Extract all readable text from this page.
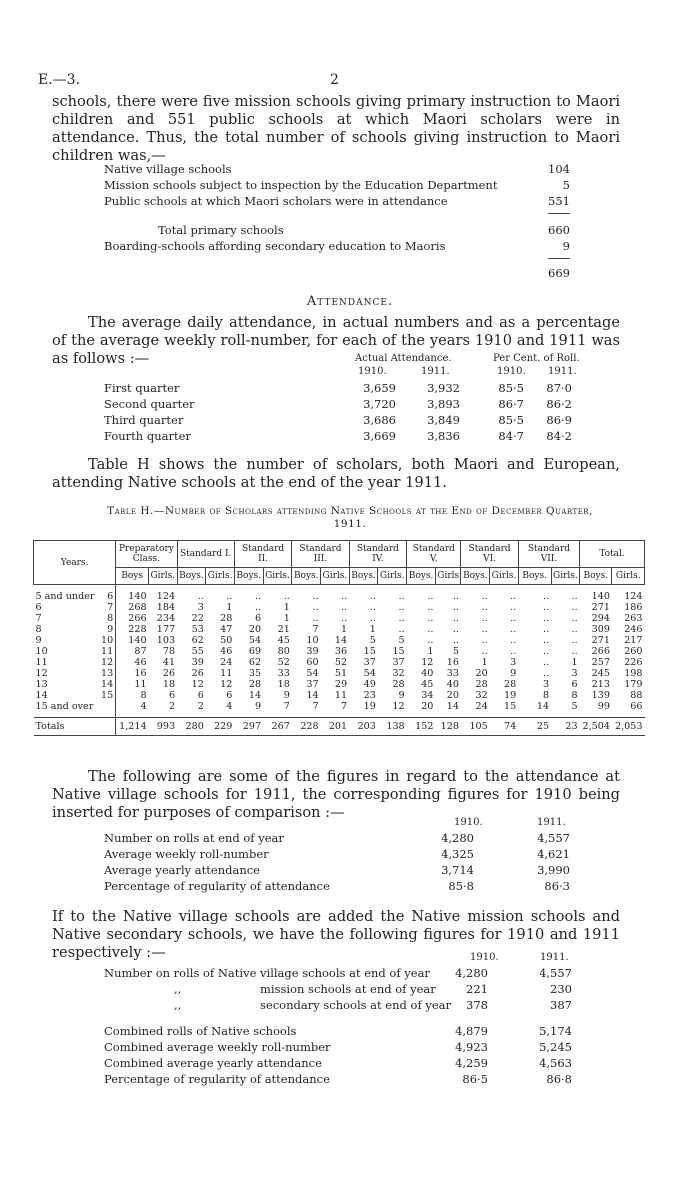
E.—3.	2
schools, there were five mission schools giving primary instruction to Maori children and 551 public schools at which Maori scholars were in attendance. Thus, the total number of schools giving instruction to Maori children was,—
Native village schools	104
Mission schools subject to inspection by the Education Department	5
Public schools at which Maori scholars were in attendance	551
Total primary schools	660
Boarding-schools affording secondary education to Maoris	9
669
Attendance.
The average daily attendance, in actual numbers and as a percentage of the average weekly roll-number, for each of the years 1910 and 1911 was as follows :—	Actual Attendance.	Per Cent. of Roll.
1910.	1911.	1910. 1911.
First quarter	3,659	3,932	85·5	87·0
Second quarter	3,720	3,893	86·7	86·2
Third quarter	3,686	3,849	85·5	86·9
Fourth quarter	3,669	3,836	84·7	84·2
Table H shows the number of scholars, both Maori and European, attending Native schools at the end of the year 1911.
Table H.—Number of Scholars attending Native Schools at the End of December Quarter, 1911.
Years.		Preparatory Class.		Standard I.		Standard II.		Standard III.		Standard IV.		Standard V.		Standard VI.		Standard VII.		Total.	
		Boys	Girls.	Boys.	Girls.	Boys.	Girls.	Boys.	Girls.	Boys.	Girls.	Boys.	Girls	Boys.	Girls.	Boys.	Girls.	Boys.	Girls.
5 and under	6	140	124	..	..	..	..	..	..	..	..	..	..	..	..	..	..	140	124
6	7	268	184	3	1	..	1	..	..	..	..	..	..	..	..	..	..	271	186
7	8	266	234	22	28	6	1	..	..	..	..	..	..	..	..	..	..	294	263
8	9	228	177	53	47	20	21	7	1	1	..	..	..	..	..	..	..	309	246
9	10	140	103	62	50	54	45	10	14	5	5	..	..	..	..	..	..	271	217
10	11	87	78	55	46	69	80	39	36	15	15	1	5	..	..	..	..	266	260
11	12	46	41	39	24	62	52	60	52	37	37	12	16	1	3	..	1	257	226
12	13	16	26	26	11	35	33	54	51	54	32	40	33	20	9	..	3	245	198
13	14	11	18	12	12	28	18	37	29	49	28	45	40	28	28	3	6	213	179
14	15	8	6	6	6	14	9	14	11	23	9	34	20	32	19	8	8	139	88
15 and over		4	2	2	4	9	7	7	7	19	12	20	14	24	15	14	5	99	66
Totals		1,214	993	280	229	297	267	228	201	203	138	152	128	105	74	25	23	2,504	2,053
The following are some of the figures in regard to the attendance at Native village schools for 1911, the corresponding figures for 1910 being inserted for purposes of comparison :—
1910.	1911.
Number on rolls at end of year	4,280	4,557
Average weekly roll-number	4,325	4,621
Average yearly attendance	3,714	3,990
Percentage of regularity of attendance	85·8	86·3
If to the Native village schools are added the Native mission schools and Native secondary schools, we have the following figures for 1910 and 1911 respectively :—	1910.	1911.
Number on rolls of Native village schools at end of year	4,280	4,557
,,	mission schools at end of year	221	230
,,	secondary schools at end of year	378	387
Combined rolls of Native schools	4,879	5,174
Combined average weekly roll-number	4,923	5,245
Combined average yearly attendance	4,259	4,563
Percentage of regularity of attendance	86·5	86·8
